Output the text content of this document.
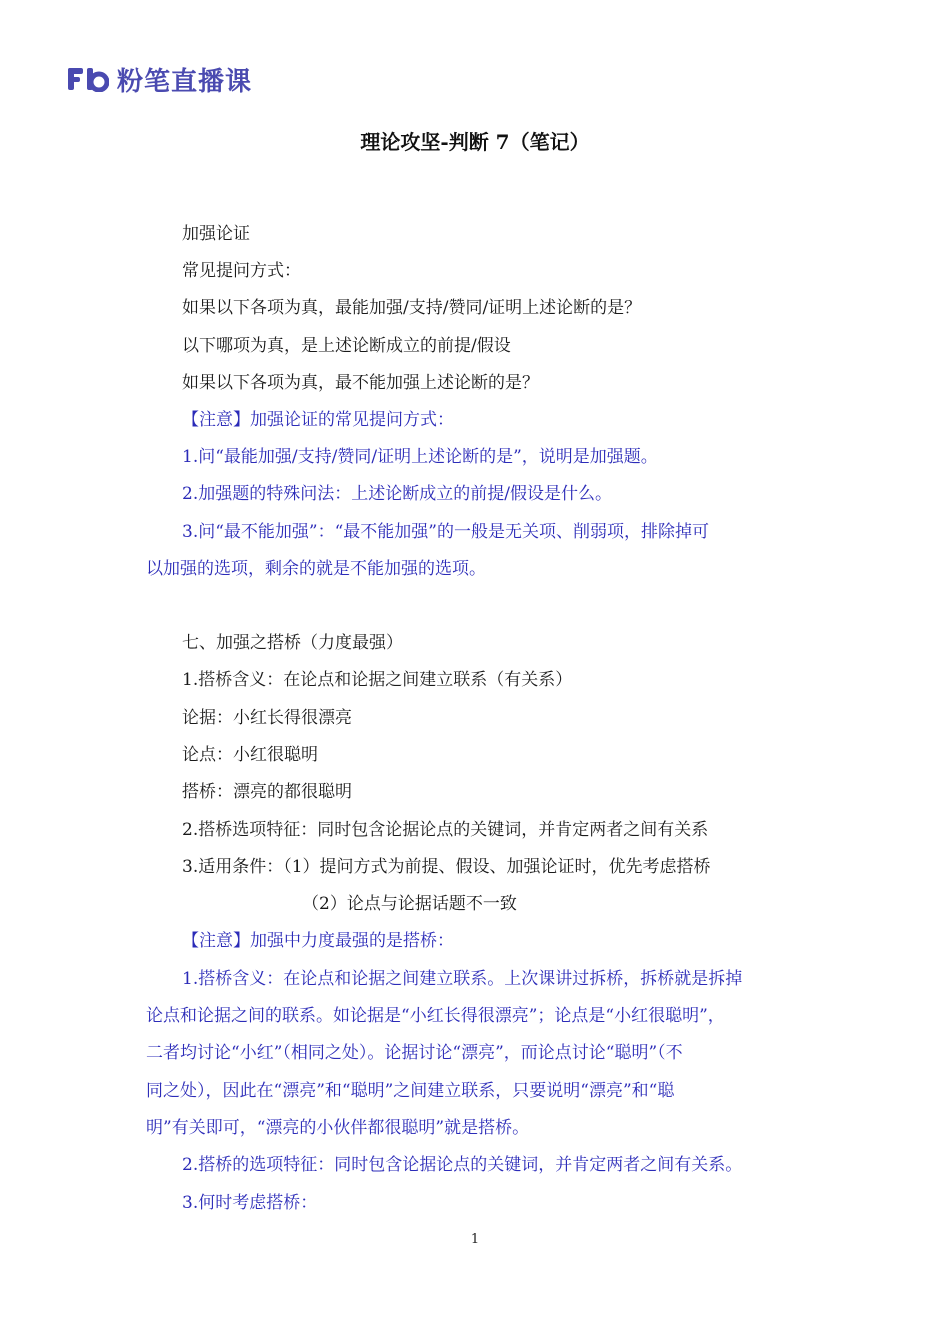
粉笔直播课
理论攻坚-判断 7（笔记）
加强论证
常见提问方式：
如果以下各项为真，最能加强/支持/赞同/证明上述论断的是？
以下哪项为真，是上述论断成立的前提/假设
如果以下各项为真，最不能加强上述论断的是？
【注意】加强论证的常见提问方式：
1.问“最能加强/支持/赞同/证明上述论断的是”，说明是加强题。
2.加强题的特殊问法：上述论断成立的前提/假设是什么。
3.问“最不能加强”：“最不能加强”的一般是无关项、削弱项，排除掉可
以加强的选项，剩余的就是不能加强的选项。
七、加强之搭桥（力度最强）
1.搭桥含义：在论点和论据之间建立联系（有关系）
论据：小红长得很漂亮
论点：小红很聪明
搭桥：漂亮的都很聪明
2.搭桥选项特征：同时包含论据论点的关键词，并肯定两者之间有关系
3.适用条件：（1）提问方式为前提、假设、加强论证时，优先考虑搭桥
（2）论点与论据话题不一致
【注意】加强中力度最强的是搭桥：
1.搭桥含义：在论点和论据之间建立联系。上次课讲过拆桥，拆桥就是拆掉
论点和论据之间的联系。如论据是“小红长得很漂亮”；论点是“小红很聪明”，
二者均讨论“小红”（相同之处）。论据讨论“漂亮”，而论点讨论“聪明”（不
同之处），因此在“漂亮”和“聪明”之间建立联系，只要说明“漂亮”和“聪
明”有关即可，“漂亮的小伙伴都很聪明”就是搭桥。
2.搭桥的选项特征：同时包含论据论点的关键词，并肯定两者之间有关系。
3.何时考虑搭桥：
1
